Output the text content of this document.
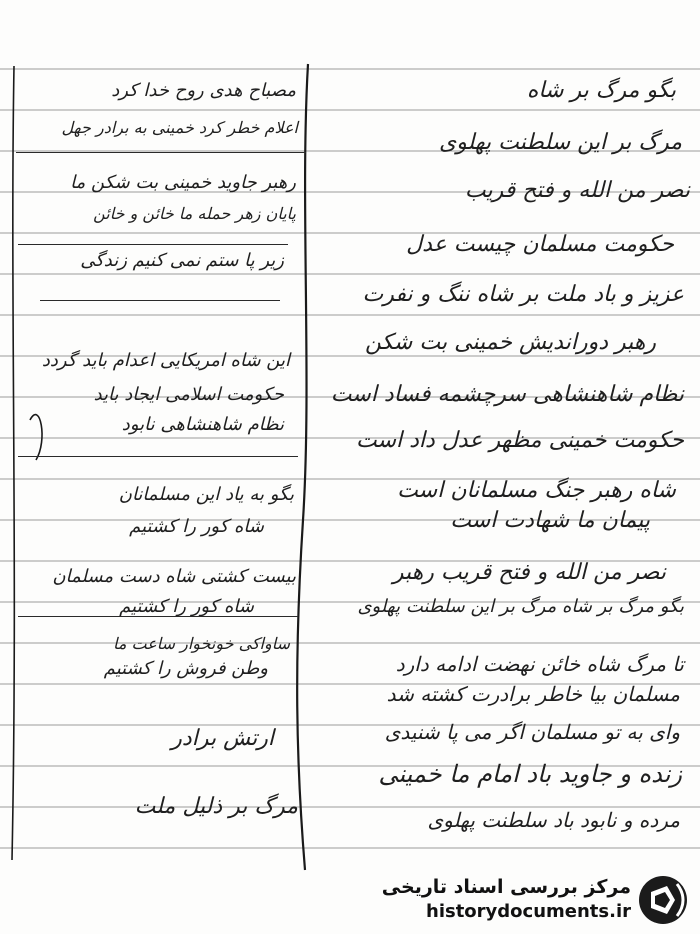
بگو مرگ بر شاه
مرگ بر این سلطنت پهلوی
نصر من الله و فتح قریب
حکومت مسلمان چیست عدل
عزیز و باد ملت بر شاه ننگ و نفرت
رهبر دوراندیش خمینی بت شکن
نظام شاهنشاهی سرچشمه فساد است
حکومت خمینی مظهر عدل داد است
شاه رهبر جنگ مسلمانان است
پیمان ما شهادت است
نصر من الله و فتح قریب رهبر
بگو مرگ بر شاه مرگ بر این سلطنت پهلوی
تا مرگ شاه خائن نهضت ادامه دارد
مسلمان بیا خاطر برادرت کشته شد
وای به تو مسلمان اگر می پا شنیدی
زنده و جاوید باد امام ما خمینی
مرده و نابود باد سلطنت پهلوی
مصباح هدی روح خدا کرد
اعلام خطر کرد خمینی به برادر جهل
رهبر جاوید خمینی بت شکن ما
پایان زهر حمله ما خائن و خائن
زیر پا ستم نمی کنیم زندگی
این شاه امریکایی اعدام باید گردد
حکومت اسلامی ایجاد باید
نظام شاهنشاهی نابود
بگو به یاد این مسلمانان
شاه کور را کشتیم
بیست کشتی شاه دست مسلمان
شاه کور را کشتیم
ساواکی خونخوار ساعت ما
وطن فروش را کشتیم
ارتش برادر
مرگ بر ذلیل ملت
مرکز بررسی اسناد تاریخی
historydocuments.ir
